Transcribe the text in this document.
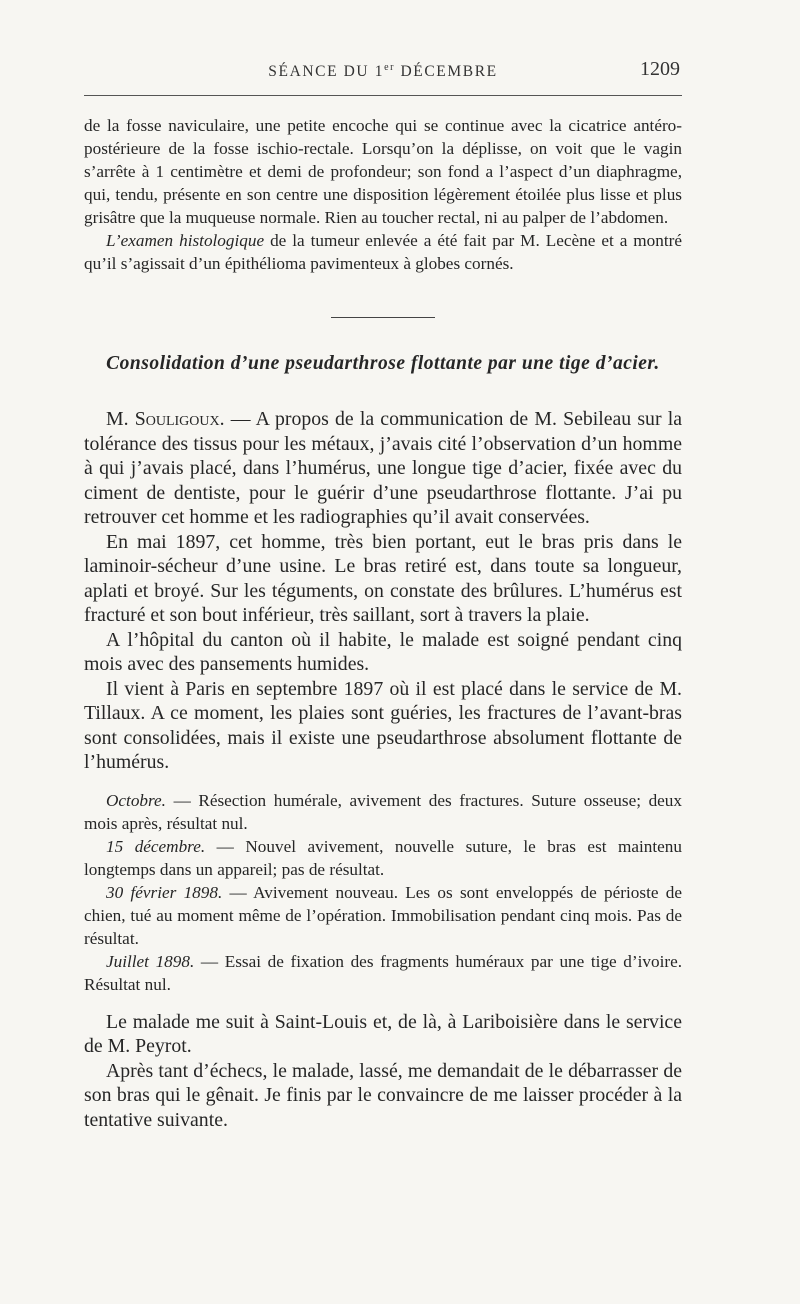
SÉANCE DU 1er DÉCEMBRE	1209

de la fosse naviculaire, une petite encoche qui se continue avec la cicatrice antéro-postérieure de la fosse ischio-rectale. Lorsqu’on la déplisse, on voit que le vagin s’arrête à 1 centimètre et demi de profondeur; son fond a l’aspect d’un diaphragme, qui, tendu, présente en son centre une disposition légèrement étoilée plus lisse et plus grisâtre que la muqueuse normale. Rien au toucher rectal, ni au palper de l’abdomen.

L’examen histologique de la tumeur enlevée a été fait par M. Lecène et a montré qu’il s’agissait d’un épithélioma pavimenteux à globes cornés.

Consolidation d’une pseudarthrose flottante par une tige d’acier.

M. Souligoux. — A propos de la communication de M. Sebileau sur la tolérance des tissus pour les métaux, j’avais cité l’observation d’un homme à qui j’avais placé, dans l’humérus, une longue tige d’acier, fixée avec du ciment de dentiste, pour le guérir d’une pseudarthrose flottante. J’ai pu retrouver cet homme et les radiographies qu’il avait conservées.

En mai 1897, cet homme, très bien portant, eut le bras pris dans le laminoir-sécheur d’une usine. Le bras retiré est, dans toute sa longueur, aplati et broyé. Sur les téguments, on constate des brûlures. L’humérus est fracturé et son bout inférieur, très saillant, sort à travers la plaie.

A l’hôpital du canton où il habite, le malade est soigné pendant cinq mois avec des pansements humides.

Il vient à Paris en septembre 1897 où il est placé dans le service de M. Tillaux. A ce moment, les plaies sont guéries, les fractures de l’avant-bras sont consolidées, mais il existe une pseudarthrose absolument flottante de l’humérus.

Octobre. — Résection humérale, avivement des fractures. Suture osseuse; deux mois après, résultat nul.

15 décembre. — Nouvel avivement, nouvelle suture, le bras est maintenu longtemps dans un appareil; pas de résultat.

30 février 1898. — Avivement nouveau. Les os sont enveloppés de périoste de chien, tué au moment même de l’opération. Immobilisation pendant cinq mois. Pas de résultat.

Juillet 1898. — Essai de fixation des fragments huméraux par une tige d’ivoire. Résultat nul.

Le malade me suit à Saint-Louis et, de là, à Lariboisière dans le service de M. Peyrot.

Après tant d’échecs, le malade, lassé, me demandait de le débarrasser de son bras qui le gênait. Je finis par le convaincre de me laisser procéder à la tentative suivante.
